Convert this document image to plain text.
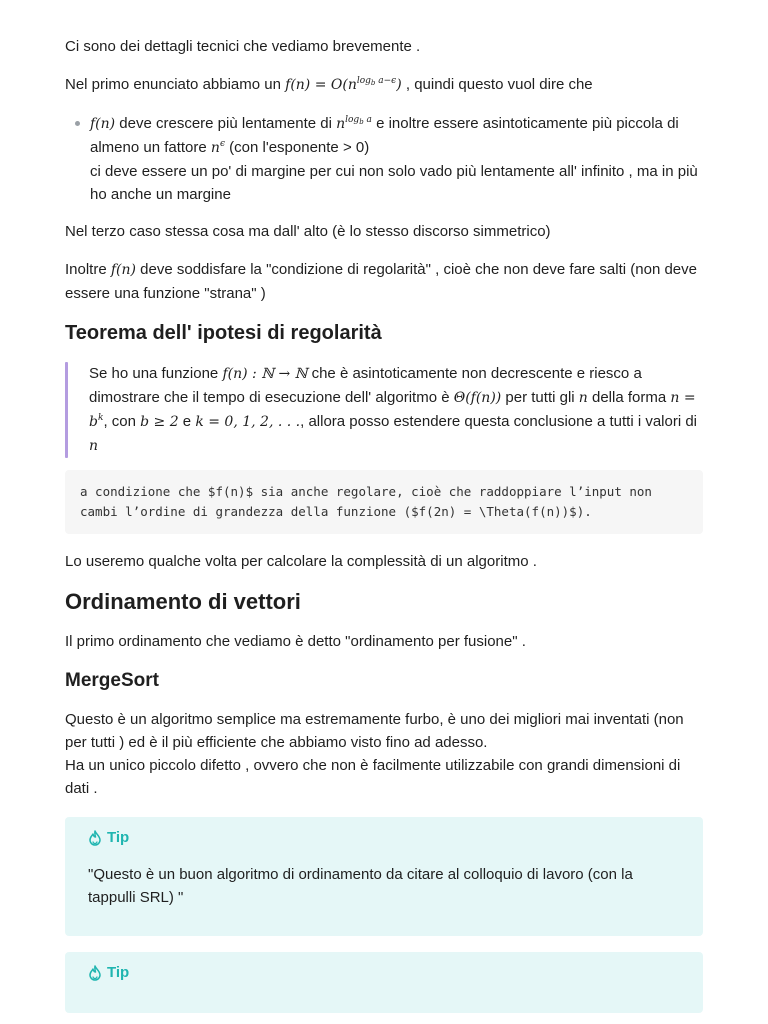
Ci sono dei dettagli tecnici che vediamo brevemente .

Nel primo enunciato abbiamo un $f(n) = O(n^{log_b a-\epsilon})$ , quindi questo vuol dire che

f(n) deve crescere più lentamente di $n^{log_b a}$ e inoltre essere asintoticamente più piccola di almeno un fattore $n^\epsilon$ (con l'esponente > 0)
ci deve essere un po' di margine per cui non solo vado più lentamente all' infinito , ma in più ho anche un margine

Nel terzo caso stessa cosa ma dall' alto (è lo stesso discorso simmetrico)

Inoltre f(n) deve soddisfare la "condizione di regolarità" , cioè che non deve fare salti (non deve essere una funzione "strana" )

Teorema dell' ipotesi di regolarità

Se ho una funzione f(n) : ℕ → ℕ che è asintoticamente non decrescente e riesco a dimostrare che il tempo di esecuzione dell' algoritmo è Θ(f(n)) per tutti gli n della forma $n = b^k$, con b ≥ 2 e k = 0, 1, 2, . . ., allora posso estendere questa conclusione a tutti i valori di n

a condizione che $f(n)$ sia anche regolare, cioè che raddoppiare l’input non cambi l’ordine di grandezza della funzione ($f(2n) = \Theta(f(n))$).

Lo useremo qualche volta per calcolare la complessità di un algoritmo .

Ordinamento di vettori

Il primo ordinamento che vediamo è detto "ordinamento per fusione" .

MergeSort

Questo è un algoritmo semplice ma estremamente furbo, è uno dei migliori mai inventati (non per tutti ) ed è il più efficiente che abbiamo visto fino ad adesso.
Ha un unico piccolo difetto , ovvero che non è facilmente utilizzabile con grandi dimensioni di dati .

Tip

"Questo è un buon algoritmo di ordinamento da citare al colloquio di lavoro (con la tappulli SRL) "

Tip
